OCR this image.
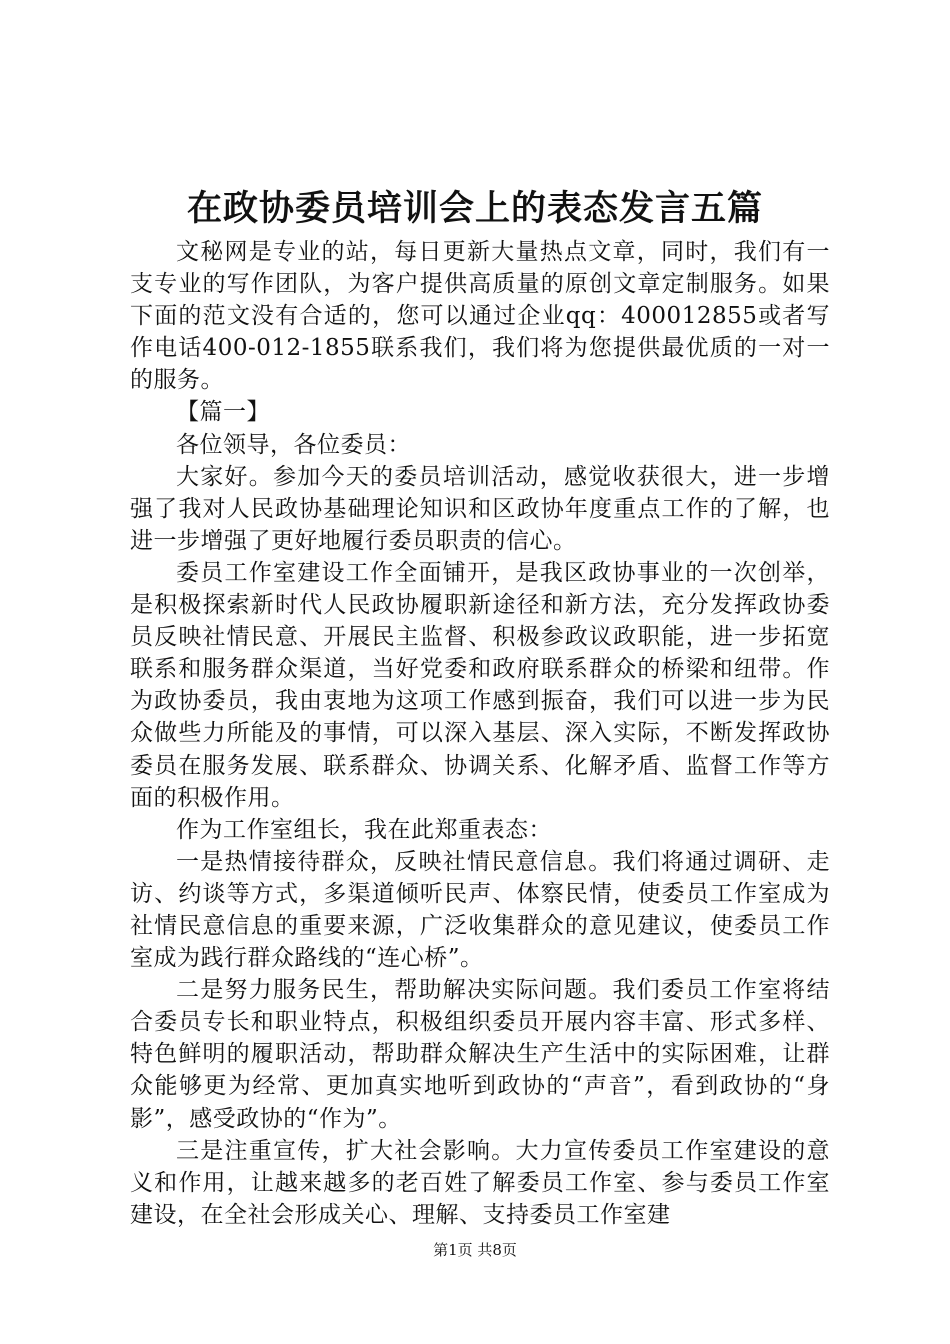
在政协委员培训会上的表态发言五篇

文秘网是专业的站，每日更新大量热点文章，同时，我们有一支专业的写作团队，为客户提供高质量的原创文章定制服务。如果下面的范文没有合适的，您可以通过企业qq：400012855或者写作电话400-012-1855联系我们，我们将为您提供最优质的一对一的服务。

【篇一】

各位领导，各位委员：

大家好。参加今天的委员培训活动，感觉收获很大，进一步增强了我对人民政协基础理论知识和区政协年度重点工作的了解，也进一步增强了更好地履行委员职责的信心。

委员工作室建设工作全面铺开，是我区政协事业的一次创举，是积极探索新时代人民政协履职新途径和新方法，充分发挥政协委员反映社情民意、开展民主监督、积极参政议政职能，进一步拓宽联系和服务群众渠道，当好党委和政府联系群众的桥梁和纽带。作为政协委员，我由衷地为这项工作感到振奋，我们可以进一步为民众做些力所能及的事情，可以深入基层、深入实际，不断发挥政协委员在服务发展、联系群众、协调关系、化解矛盾、监督工作等方面的积极作用。

作为工作室组长，我在此郑重表态：

一是热情接待群众，反映社情民意信息。我们将通过调研、走访、约谈等方式，多渠道倾听民声、体察民情，使委员工作室成为社情民意信息的重要来源，广泛收集群众的意见建议，使委员工作室成为践行群众路线的“连心桥”。

二是努力服务民生，帮助解决实际问题。我们委员工作室将结合委员专长和职业特点，积极组织委员开展内容丰富、形式多样、特色鲜明的履职活动，帮助群众解决生产生活中的实际困难，让群众能够更为经常、更加真实地听到政协的“声音”，看到政协的“身影”，感受政协的“作为”。

三是注重宣传，扩大社会影响。大力宣传委员工作室建设的意义和作用，让越来越多的老百姓了解委员工作室、参与委员工作室建设，在全社会形成关心、理解、支持委员工作室建

第1页 共8页
